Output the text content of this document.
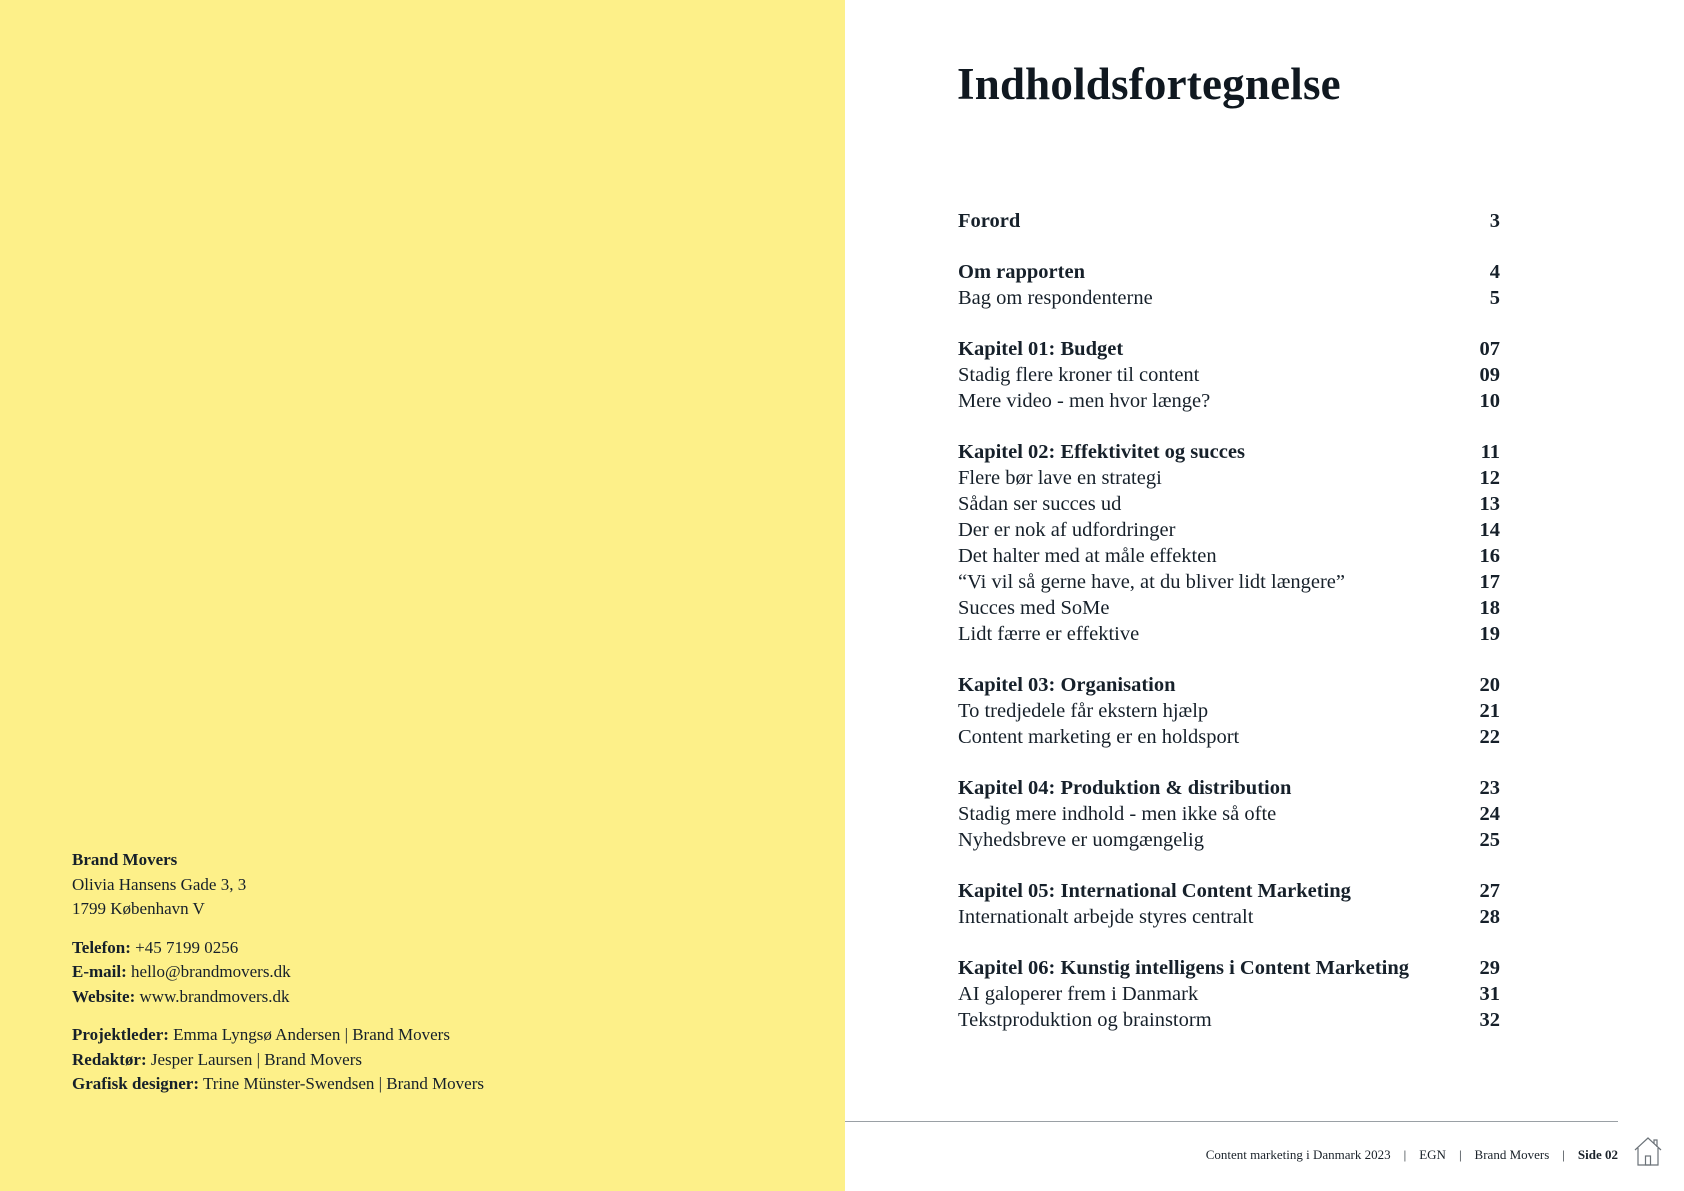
Brand Movers
Olivia Hansens Gade 3, 3
1799 København V
Telefon: +45 7199 0256
E-mail: hello@brandmovers.dk
Website: www.brandmovers.dk
Projektleder: Emma Lyngsø Andersen | Brand Movers
Redaktør: Jesper Laursen | Brand Movers
Grafisk designer: Trine Münster-Swendsen | Brand Movers
Indholdsfortegnelse
Forord	3
Om rapporten	4
Bag om respondenterne	5
Kapitel 01: Budget	07
Stadig flere kroner til content	09
Mere video - men hvor længe?	10
Kapitel 02: Effektivitet og succes	11
Flere bør lave en strategi	12
Sådan ser succes ud	13
Der er nok af udfordringer	14
Det halter med at måle effekten	16
“Vi vil så gerne have, at du bliver lidt længere”	17
Succes med SoMe	18
Lidt færre er effektive	19
Kapitel 03: Organisation	20
To tredjedele får ekstern hjælp	21
Content marketing er en holdsport	22
Kapitel 04: Produktion & distribution	23
Stadig mere indhold - men ikke så ofte	24
Nyhedsbreve er uomgængelig	25
Kapitel 05: International Content Marketing	27
Internationalt arbejde styres centralt	28
Kapitel 06: Kunstig intelligens i Content Marketing	29
AI galoperer frem i Danmark	31
Tekstproduktion og brainstorm	32
Content marketing i Danmark 2023 | EGN | Brand Movers | Side 02
